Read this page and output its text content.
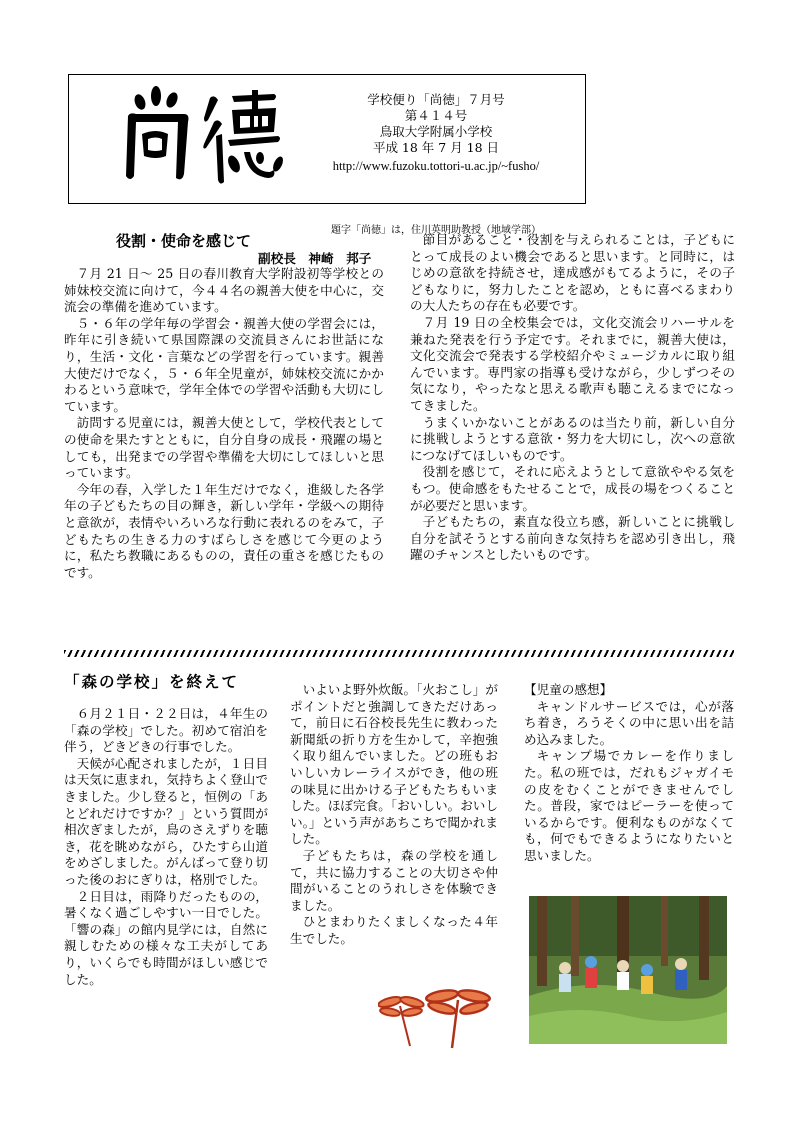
学校便り「尚徳」７月号
第４１４号
鳥取大学附属小学校
平成 18 年 7 月 18 日
http://www.fuzoku.tottori-u.ac.jp/~fusho/
題字「尚徳」は，住川英明助教授（地域学部）
役割・使命を感じて
副校長　神崎　邦子

７月 21 日～ 25 日の春川教育大学附設初等学校との姉妹校交流に向けて，今４４名の親善大使を中心に，交流会の準備を進めています。

５・６年の学年毎の学習会・親善大使の学習会には，昨年に引き続いて県国際課の交流員さんにお世話になり，生活・文化・言葉などの学習を行っています。親善大使だけでなく，５・６年全児童が，姉妹校交流にかかわるという意味で，学年全体での学習や活動も大切にしています。

訪問する児童には，親善大使として，学校代表としての使命を果たすとともに，自分自身の成長・飛躍の場としても，出発までの学習や準備を大切にしてほしいと思っています。

今年の春，入学した１年生だけでなく，進級した各学年の子どもたちの目の輝き，新しい学年・学級への期待と意欲が，表情やいろいろな行動に表れるのをみて，子どもたちの生きる力のすばらしさを感じて今更のように，私たち教職にあるものの，責任の重さを感じたものです。

節目があること・役割を与えられることは，子どもにとって成長のよい機会であると思います。と同時に，はじめの意欲を持続させ，達成感がもてるように，その子どもなりに，努力したことを認め，ともに喜べるまわりの大人たちの存在も必要です。

７月 19 日の全校集会では，文化交流会リハーサルを兼ねた発表を行う予定です。それまでに，親善大使は，文化交流会で発表する学校紹介やミュージカルに取り組んでいます。専門家の指導も受けながら，少しずつその気になり，やったなと思える歌声も聴こえるまでになってきました。

うまくいかないことがあるのは当たり前，新しい自分に挑戦しようとする意欲・努力を大切にし，次への意欲につなげてほしいものです。

役割を感じて，それに応えようとして意欲ややる気をもつ。使命感をもたせることで，成長の場をつくることが必要だと思います。

子どもたちの，素直な役立ち感，新しいことに挑戦し自分を試そうとする前向きな気持ちを認め引き出し，飛躍のチャンスとしたいものです。

「森の学校」を終えて

６月２１日・２２日は，４年生の「森の学校」でした。初めて宿泊を伴う，どきどきの行事でした。

天候が心配されましたが，１日目は天気に恵まれ，気持ちよく登山できました。少し登ると，恒例の「あとどれだけですか？」という質問が相次ぎましたが，鳥のさえずりを聴き，花を眺めながら，ひたすら山道をめざしました。がんばって登り切った後のおにぎりは，格別でした。

２日目は，雨降りだったものの，暑くなく過ごしやすい一日でした。「響の森」の館内見学には，自然に親しむための様々な工夫がしてあり，いくらでも時間がほしい感じでした。

いよいよ野外炊飯。「火おこし」がポイントだと強調してきただけあって，前日に石谷校長先生に教わった新聞紙の折り方を生かして，辛抱強く取り組んでいました。どの班もおいしいカレーライスができ，他の班の味見に出かける子どもたちもいました。ほぼ完食。「おいしい。おいしい。」という声があちこちで聞かれました。

子どもたちは，森の学校を通して，共に協力することの大切さや仲間がいることのうれしさを体験できました。

ひとまわりたくましくなった４年生でした。

【児童の感想】

キャンドルサービスでは，心が落ち着き，ろうそくの中に思い出を詰め込みました。

キャンプ場でカレーを作りました。私の班では，だれもジャガイモの皮をむくことができませんでした。普段，家ではピーラーを使っているからです。便利なものがなくても，何でもできるようになりたいと思いました。
